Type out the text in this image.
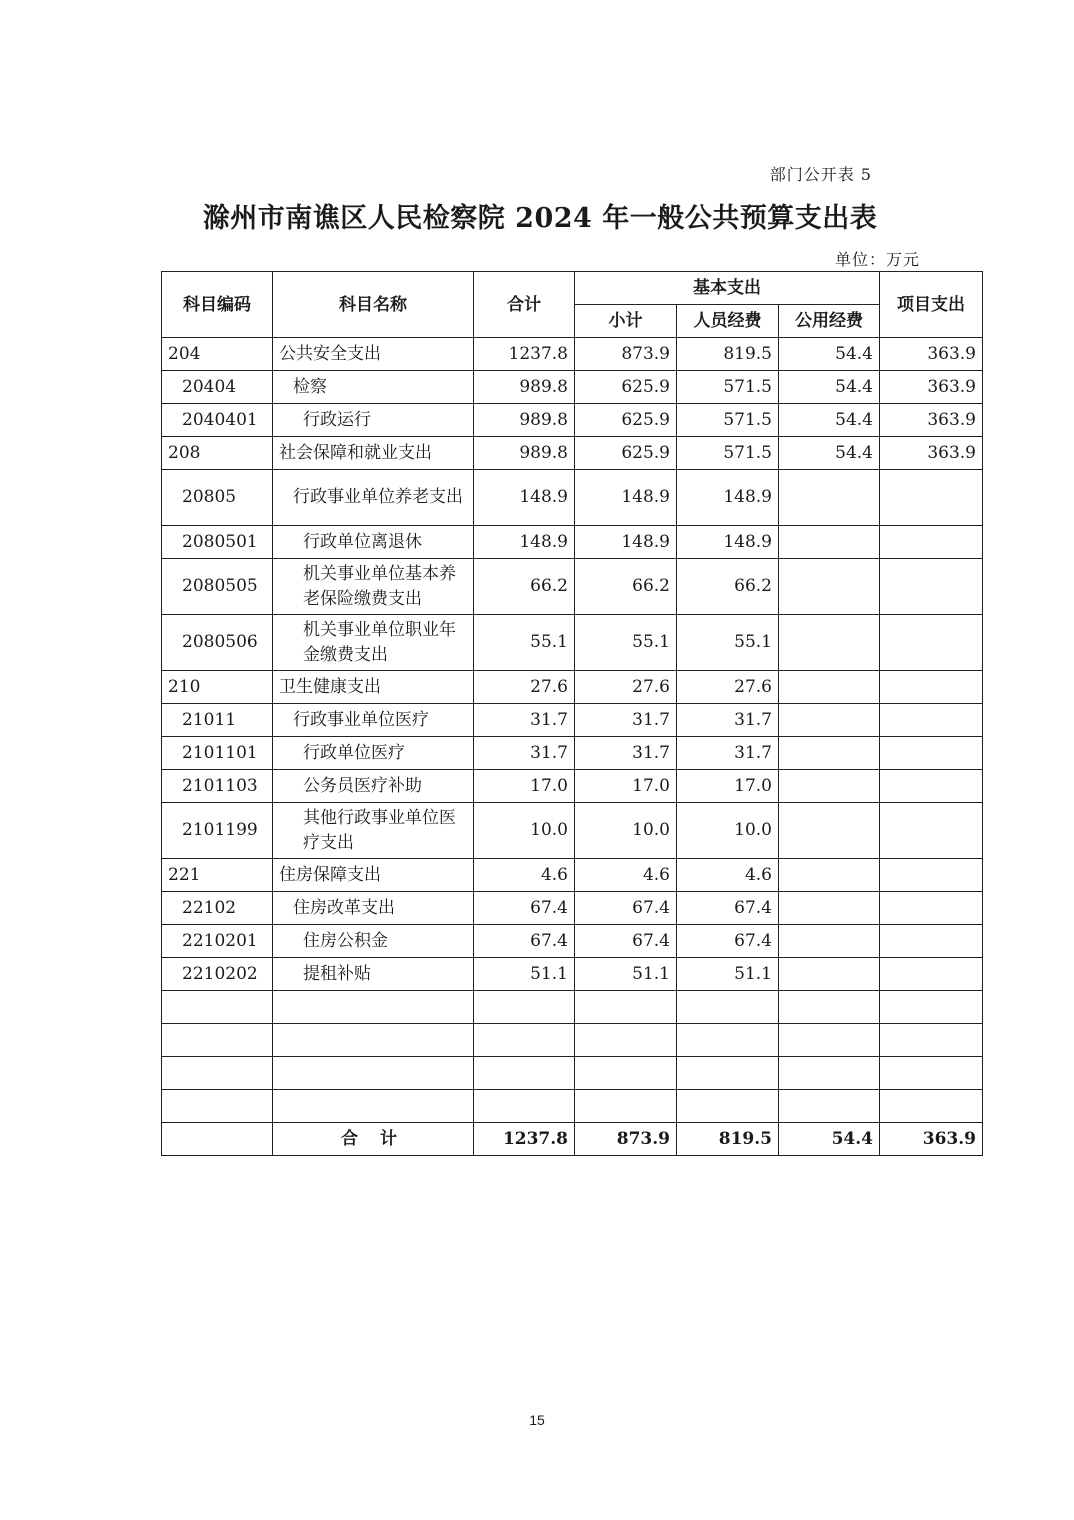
部门公开表 5
滁州市南谯区人民检察院 2024 年一般公共预算支出表
单位：万元
科目编码	科目名称	合计	基本支出			项目支出
			小计	人员经费	公用经费	
204	公共安全支出	1237.8	873.9	819.5	54.4	363.9
20404	检察	989.8	625.9	571.5	54.4	363.9
2040401	行政运行	989.8	625.9	571.5	54.4	363.9
208	社会保障和就业支出	989.8	625.9	571.5	54.4	363.9
20805	行政事业单位养老支出	148.9	148.9	148.9		
2080501	行政单位离退休	148.9	148.9	148.9		
2080505	机关事业单位基本养老保险缴费支出	66.2	66.2	66.2		
2080506	机关事业单位职业年金缴费支出	55.1	55.1	55.1		
210	卫生健康支出	27.6	27.6	27.6		
21011	行政事业单位医疗	31.7	31.7	31.7		
2101101	行政单位医疗	31.7	31.7	31.7		
2101103	公务员医疗补助	17.0	17.0	17.0		
2101199	其他行政事业单位医疗支出	10.0	10.0	10.0		
221	住房保障支出	4.6	4.6	4.6		
22102	住房改革支出	67.4	67.4	67.4		
2210201	住房公积金	67.4	67.4	67.4		
2210202	提租补贴	51.1	51.1	51.1		

	合 计	1237.8	873.9	819.5	54.4	363.9
15
